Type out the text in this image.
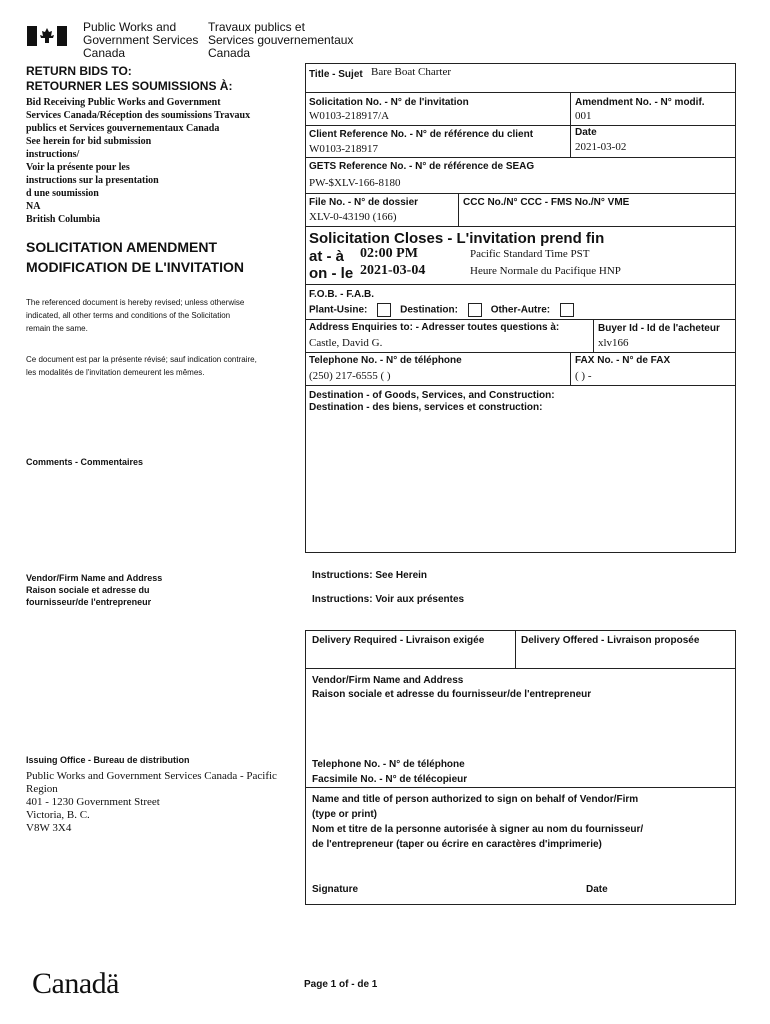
Public Works and
Government Services
Canada
Travaux publics et
Services gouvernementaux
Canada
RETURN BIDS TO:
RETOURNER LES SOUMISSIONS À:
Bid Receiving Public Works and Government
Services Canada/Réception des soumissions Travaux
publics et Services gouvernementaux Canada
See herein for bid submission
instructions/
Voir la présente pour les
instructions sur la presentation
d une soumission
NA
British Columbia
SOLICITATION AMENDMENT
MODIFICATION DE L'INVITATION
The referenced document is hereby revised; unless otherwise
indicated, all other terms and conditions of the Solicitation
remain the same.
Ce document est par la présente révisé; sauf indication contraire,
les modalités de l'invitation demeurent les mêmes.
Comments - Commentaires
Vendor/Firm Name and Address
Raison sociale et adresse du
fournisseur/de l'entrepreneur
Issuing Office - Bureau de distribution
Public Works and Government Services Canada - Pacific
Region
401 - 1230 Government Street
Victoria, B. C.
V8W 3X4
Title - Sujet Bare Boat Charter
Solicitation No. - N° de l'invitation
W0103-218917/A
Amendment No. - N° modif.
001
Client Reference No. - N° de référence du client
W0103-218917
Date
2021-03-02
GETS Reference No. - N° de référence de SEAG
PW-$XLV-166-8180
File No. - N° de dossier
XLV-0-43190 (166)
CCC No./N° CCC - FMS No./N° VME
Solicitation Closes - L'invitation prend fin
at - à 02:00 PM
on - le 2021-03-04
Pacific Standard Time PST
Heure Normale du Pacifique HNP
F.O.B. - F.A.B.
Plant-Usine:	Destination:	Other-Autre:
Address Enquiries to: - Adresser toutes questions à:
Castle, David G.
Buyer Id - Id de l'acheteur
xlv166
Telephone No. - N° de téléphone
(250) 217-6555 ( )
FAX No. - N° de FAX
( ) -
Destination - of Goods, Services, and Construction:
Destination - des biens, services et construction:
Instructions: See Herein
Instructions: Voir aux présentes
Delivery Required - Livraison exigée	Delivery Offered - Livraison proposée
Vendor/Firm Name and Address
Raison sociale et adresse du fournisseur/de l'entrepreneur
Telephone No. - N° de téléphone
Facsimile No. - N° de télécopieur
Name and title of person authorized to sign on behalf of Vendor/Firm
(type or print)
Nom et titre de la personne autorisée à signer au nom du fournisseur/
de l'entrepreneur (taper ou écrire en caractères d'imprimerie)
Signature	Date
Canadä	Page 1 of - de 1
